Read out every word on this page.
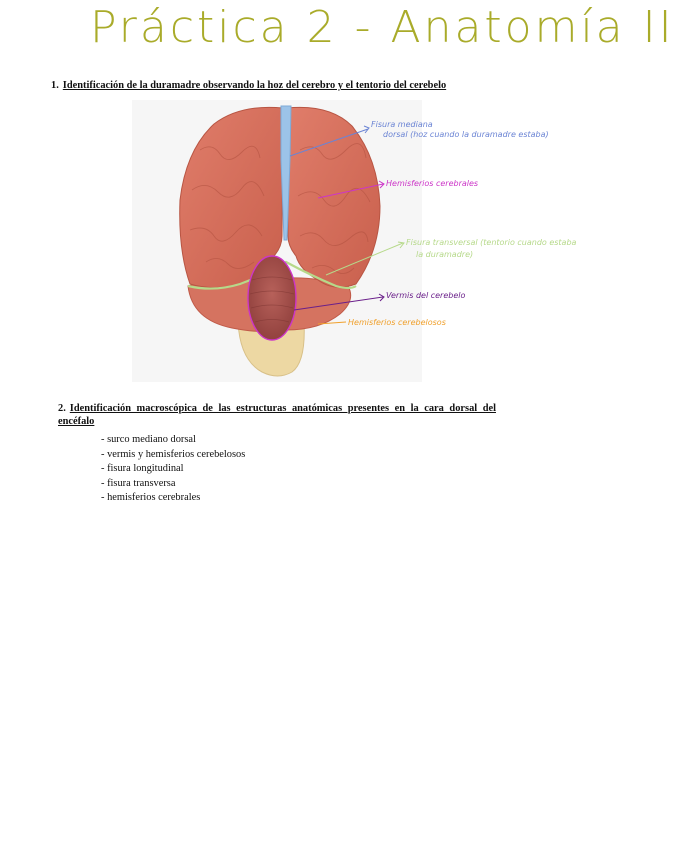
Práctica 2 - Anatomía II
1. Identificación de la duramadre observando la hoz del cerebro y el tentorio del cerebelo
Fisura mediana
dorsal (hoz cuando la duramadre estaba)
Hemisferios cerebrales
Fisura transversal (tentorio cuando estaba
la duramadre)
Vermis del cerebelo
Hemisferios cerebelosos
2. Identificación macroscópica de las estructuras anatómicas presentes en la cara dorsal del encéfalo
- surco mediano dorsal
- vermis y hemisferios cerebelosos
- fisura longitudinal
- fisura transversa
- hemisferios cerebrales
